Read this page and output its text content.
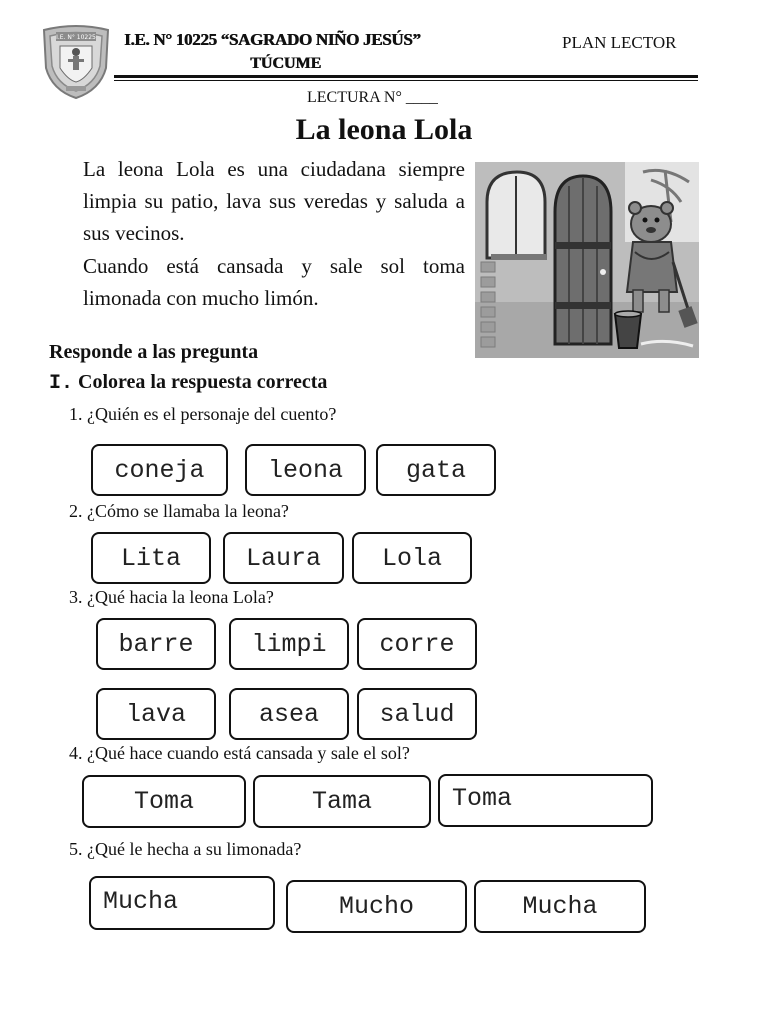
I.E. N° 10225 I.E. N° 10225 “SAGRADO NIÑO JESÚS”
TÚCUME
PLAN LECTOR
LECTURA N° ____
La leona Lola

La leona Lola es una ciudadana siempre limpia su patio, lava sus veredas y saluda a sus vecinos.

Cuando está cansada y sale sol toma limonada con mucho limón.

Responde a las pregunta
I. Colorea la respuesta correcta
1. ¿Quién es el personaje del cuento?
coneja	leona	gata
2. ¿Cómo se llamaba la leona?
Lita	Laura	Lola
3. ¿Qué hacia la leona Lola?
barre	limpi	corre
lava	asea	salud
4. ¿Qué hace cuando está cansada y sale el sol?
Toma	Tama	Toma
5. ¿Qué le hecha a su limonada?
Mucha	Mucho	Mucha
